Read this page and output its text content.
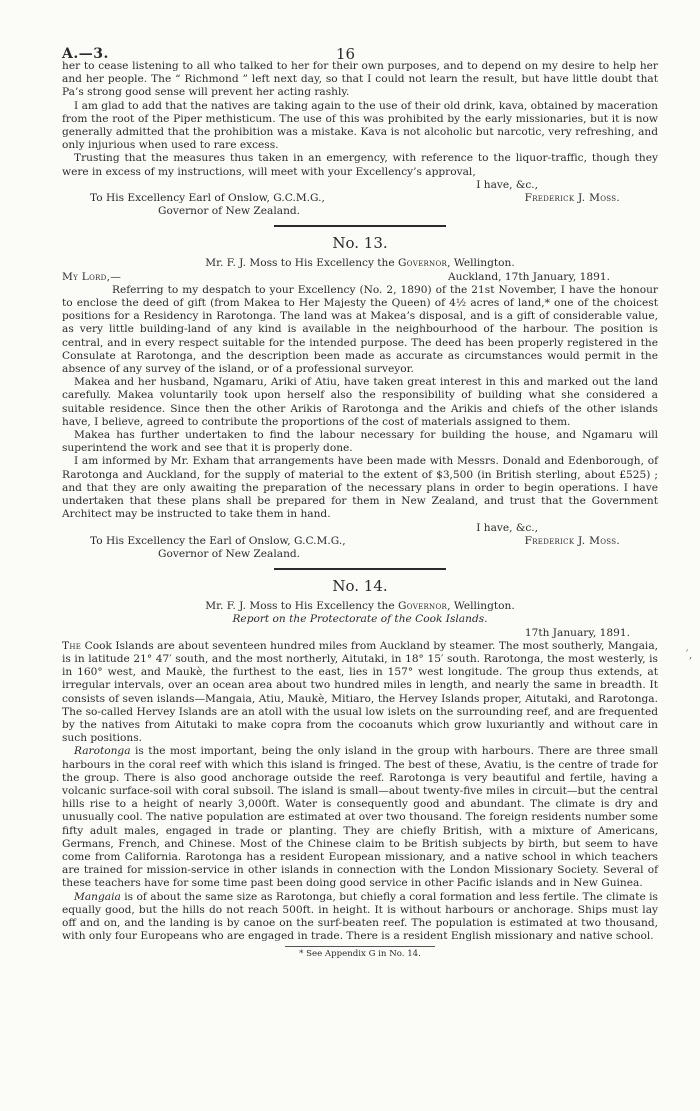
A.—3.	16

her to cease listening to all who talked to her for their own purposes, and to depend on my desire to help her and her people. The “ Richmond ” left next day, so that I could not learn the result, but have little doubt that Pa’s strong good sense will prevent her acting rashly.

I am glad to add that the natives are taking again to the use of their old drink, kava, obtained by maceration from the root of the Piper methisticum. The use of this was prohibited by the early missionaries, but it is now generally admitted that the prohibition was a mistake. Kava is not alcoholic but narcotic, very refreshing, and only injurious when used to rare excess.

Trusting that the measures thus taken in an emergency, with reference to the liquor-traffic, though they were in excess of my instructions, will meet with your Excellency’s approval,

I have, &c.,

To His Excellency Earl of Onslow, G.C.M.G.,	Frederick J. Moss.

Governor of New Zealand.

No. 13.

Mr. F. J. Moss to His Excellency the Governor, Wellington.

My Lord,—	Auckland, 17th January, 1891.

Referring to my despatch to your Excellency (No. 2, 1890) of the 21st November, I have the honour to enclose the deed of gift (from Makea to Her Majesty the Queen) of 4½ acres of land,* one of the choicest positions for a Residency in Rarotonga. The land was at Makea’s disposal, and is a gift of considerable value, as very little building-land of any kind is available in the neighbourhood of the harbour. The position is central, and in every respect suitable for the intended purpose. The deed has been properly registered in the Consulate at Rarotonga, and the description been made as accurate as circumstances would permit in the absence of any survey of the island, or of a professional surveyor.

Makea and her husband, Ngamaru, Ariki of Atiu, have taken great interest in this and marked out the land carefully. Makea voluntarily took upon herself also the responsibility of building what she considered a suitable residence. Since then the other Arikis of Rarotonga and the Arikis and chiefs of the other islands have, I believe, agreed to contribute the proportions of the cost of materials assigned to them.

Makea has further undertaken to find the labour necessary for building the house, and Ngamaru will superintend the work and see that it is properly done.

I am informed by Mr. Exham that arrangements have been made with Messrs. Donald and Edenborough, of Rarotonga and Auckland, for the supply of material to the extent of $3,500 (in British sterling, about £525) ; and that they are only awaiting the preparation of the necessary plans in order to begin operations. I have undertaken that these plans shall be prepared for them in New Zealand, and trust that the Government Architect may be instructed to take them in hand.

I have, &c.,

To His Excellency the Earl of Onslow, G.C.M.G.,	Frederick J. Moss.

Governor of New Zealand.

No. 14.

Mr. F. J. Moss to His Excellency the Governor, Wellington.

Report on the Protectorate of the Cook Islands.

17th January, 1891.

The Cook Islands are about seventeen hundred miles from Auckland by steamer. The most southerly, Mangaia, is in latitude 21° 47′ south, and the most northerly, Aitutaki, in 18° 15′ south. Rarotonga, the most westerly, is in 160° west, and Maukè, the furthest to the east, lies in 157° west longitude. The group thus extends, at irregular intervals, over an ocean area about two hundred miles in length, and nearly the same in breadth. It consists of seven islands—Mangaia, Atiu, Maukè, Mitiaro, the Hervey Islands proper, Aitutaki, and Rarotonga. The so-called Hervey Islands are an atoll with the usual low islets on the surrounding reef, and are frequented by the natives from Aitutaki to make copra from the cocoanuts which grow luxuriantly and without care in such positions.

Rarotonga is the most important, being the only island in the group with harbours. There are three small harbours in the coral reef with which this island is fringed. The best of these, Avatiu, is the centre of trade for the group. There is also good anchorage outside the reef. Rarotonga is very beautiful and fertile, having a volcanic surface-soil with coral subsoil. The island is small—about twenty-five miles in circuit—but the central hills rise to a height of nearly 3,000ft. Water is consequently good and abundant. The climate is dry and unusually cool. The native population are estimated at over two thousand. The foreign residents number some fifty adult males, engaged in trade or planting. They are chiefly British, with a mixture of Americans, Germans, French, and Chinese. Most of the Chinese claim to be British subjects by birth, but seem to have come from California. Rarotonga has a resident European missionary, and a native school in which teachers are trained for mission-service in other islands in connection with the London Missionary Society. Several of these teachers have for some time past been doing good service in other Pacific islands and in New Guinea.

Mangaia is of about the same size as Rarotonga, but chiefly a coral formation and less fertile. The climate is equally good, but the hills do not reach 500ft. in height. It is without harbours or anchorage. Ships must lay off and on, and the landing is by canoe on the surf-beaten reef. The population is estimated at two thousand, with only four Europeans who are engaged in trade. There is a resident English missionary and native school.

* See Appendix G in No. 14.

´,
